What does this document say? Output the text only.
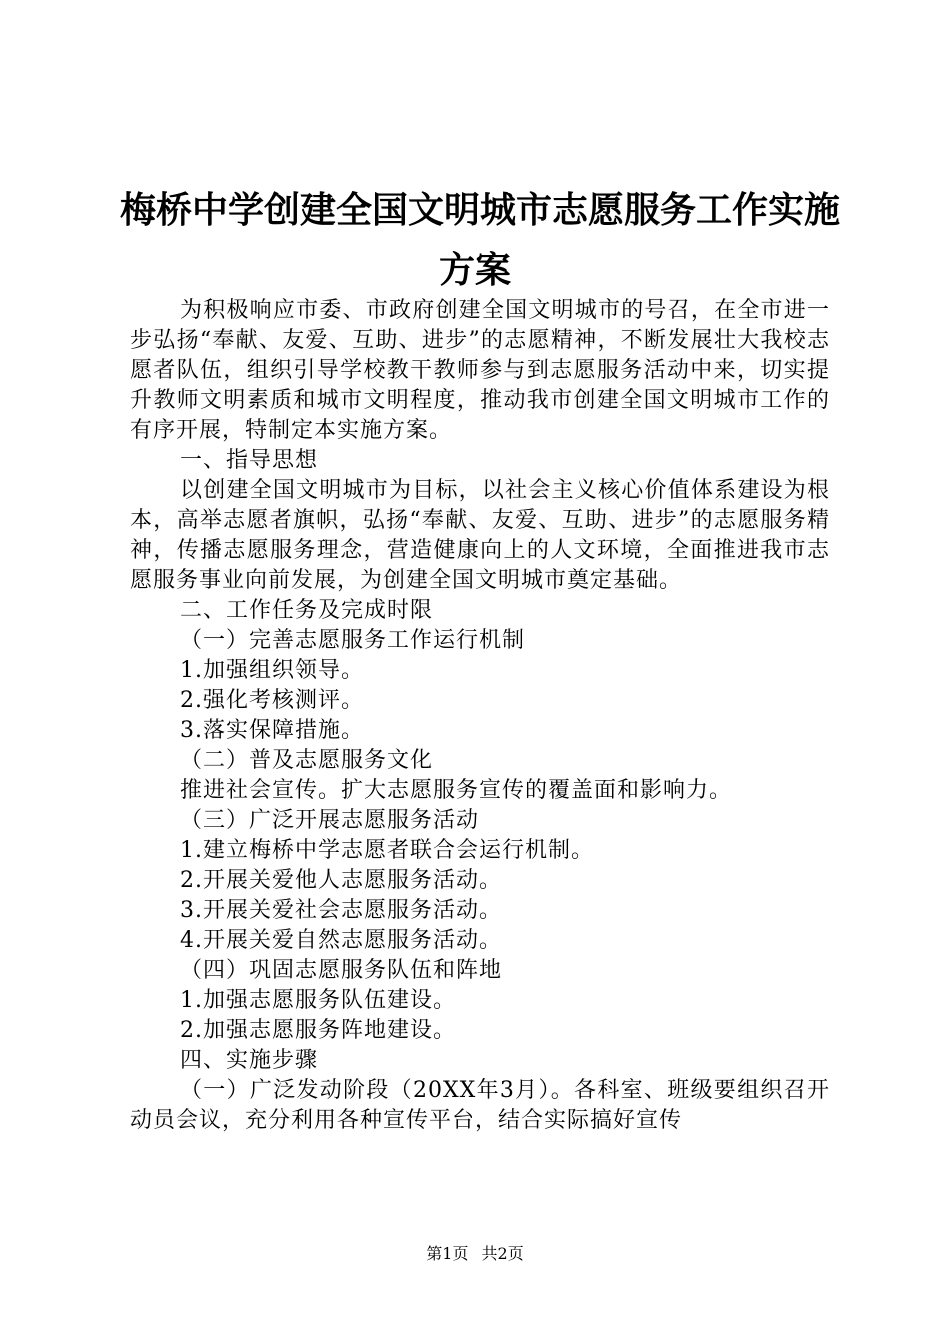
梅桥中学创建全国文明城市志愿服务工作实施
方案

为积极响应市委、市政府创建全国文明城市的号召，在全市进一步弘扬“奉献、友爱、互助、进步”的志愿精神，不断发展壮大我校志愿者队伍，组织引导学校教干教师参与到志愿服务活动中来，切实提升教师文明素质和城市文明程度，推动我市创建全国文明城市工作的有序开展，特制定本实施方案。

一、指导思想

以创建全国文明城市为目标，以社会主义核心价值体系建设为根本，高举志愿者旗帜，弘扬“奉献、友爱、互助、进步”的志愿服务精神，传播志愿服务理念，营造健康向上的人文环境，全面推进我市志愿服务事业向前发展，为创建全国文明城市奠定基础。

二、工作任务及完成时限

（一）完善志愿服务工作运行机制

1.加强组织领导。

2.强化考核测评。

3.落实保障措施。

（二）普及志愿服务文化

推进社会宣传。扩大志愿服务宣传的覆盖面和影响力。

（三）广泛开展志愿服务活动

1.建立梅桥中学志愿者联合会运行机制。

2.开展关爱他人志愿服务活动。

3.开展关爱社会志愿服务活动。

4.开展关爱自然志愿服务活动。

（四）巩固志愿服务队伍和阵地

1.加强志愿服务队伍建设。

2.加强志愿服务阵地建设。

四、实施步骤

（一）广泛发动阶段（20XX年3月）。各科室、班级要组织召开动员会议，充分利用各种宣传平台，结合实际搞好宣传

第1页 共2页
